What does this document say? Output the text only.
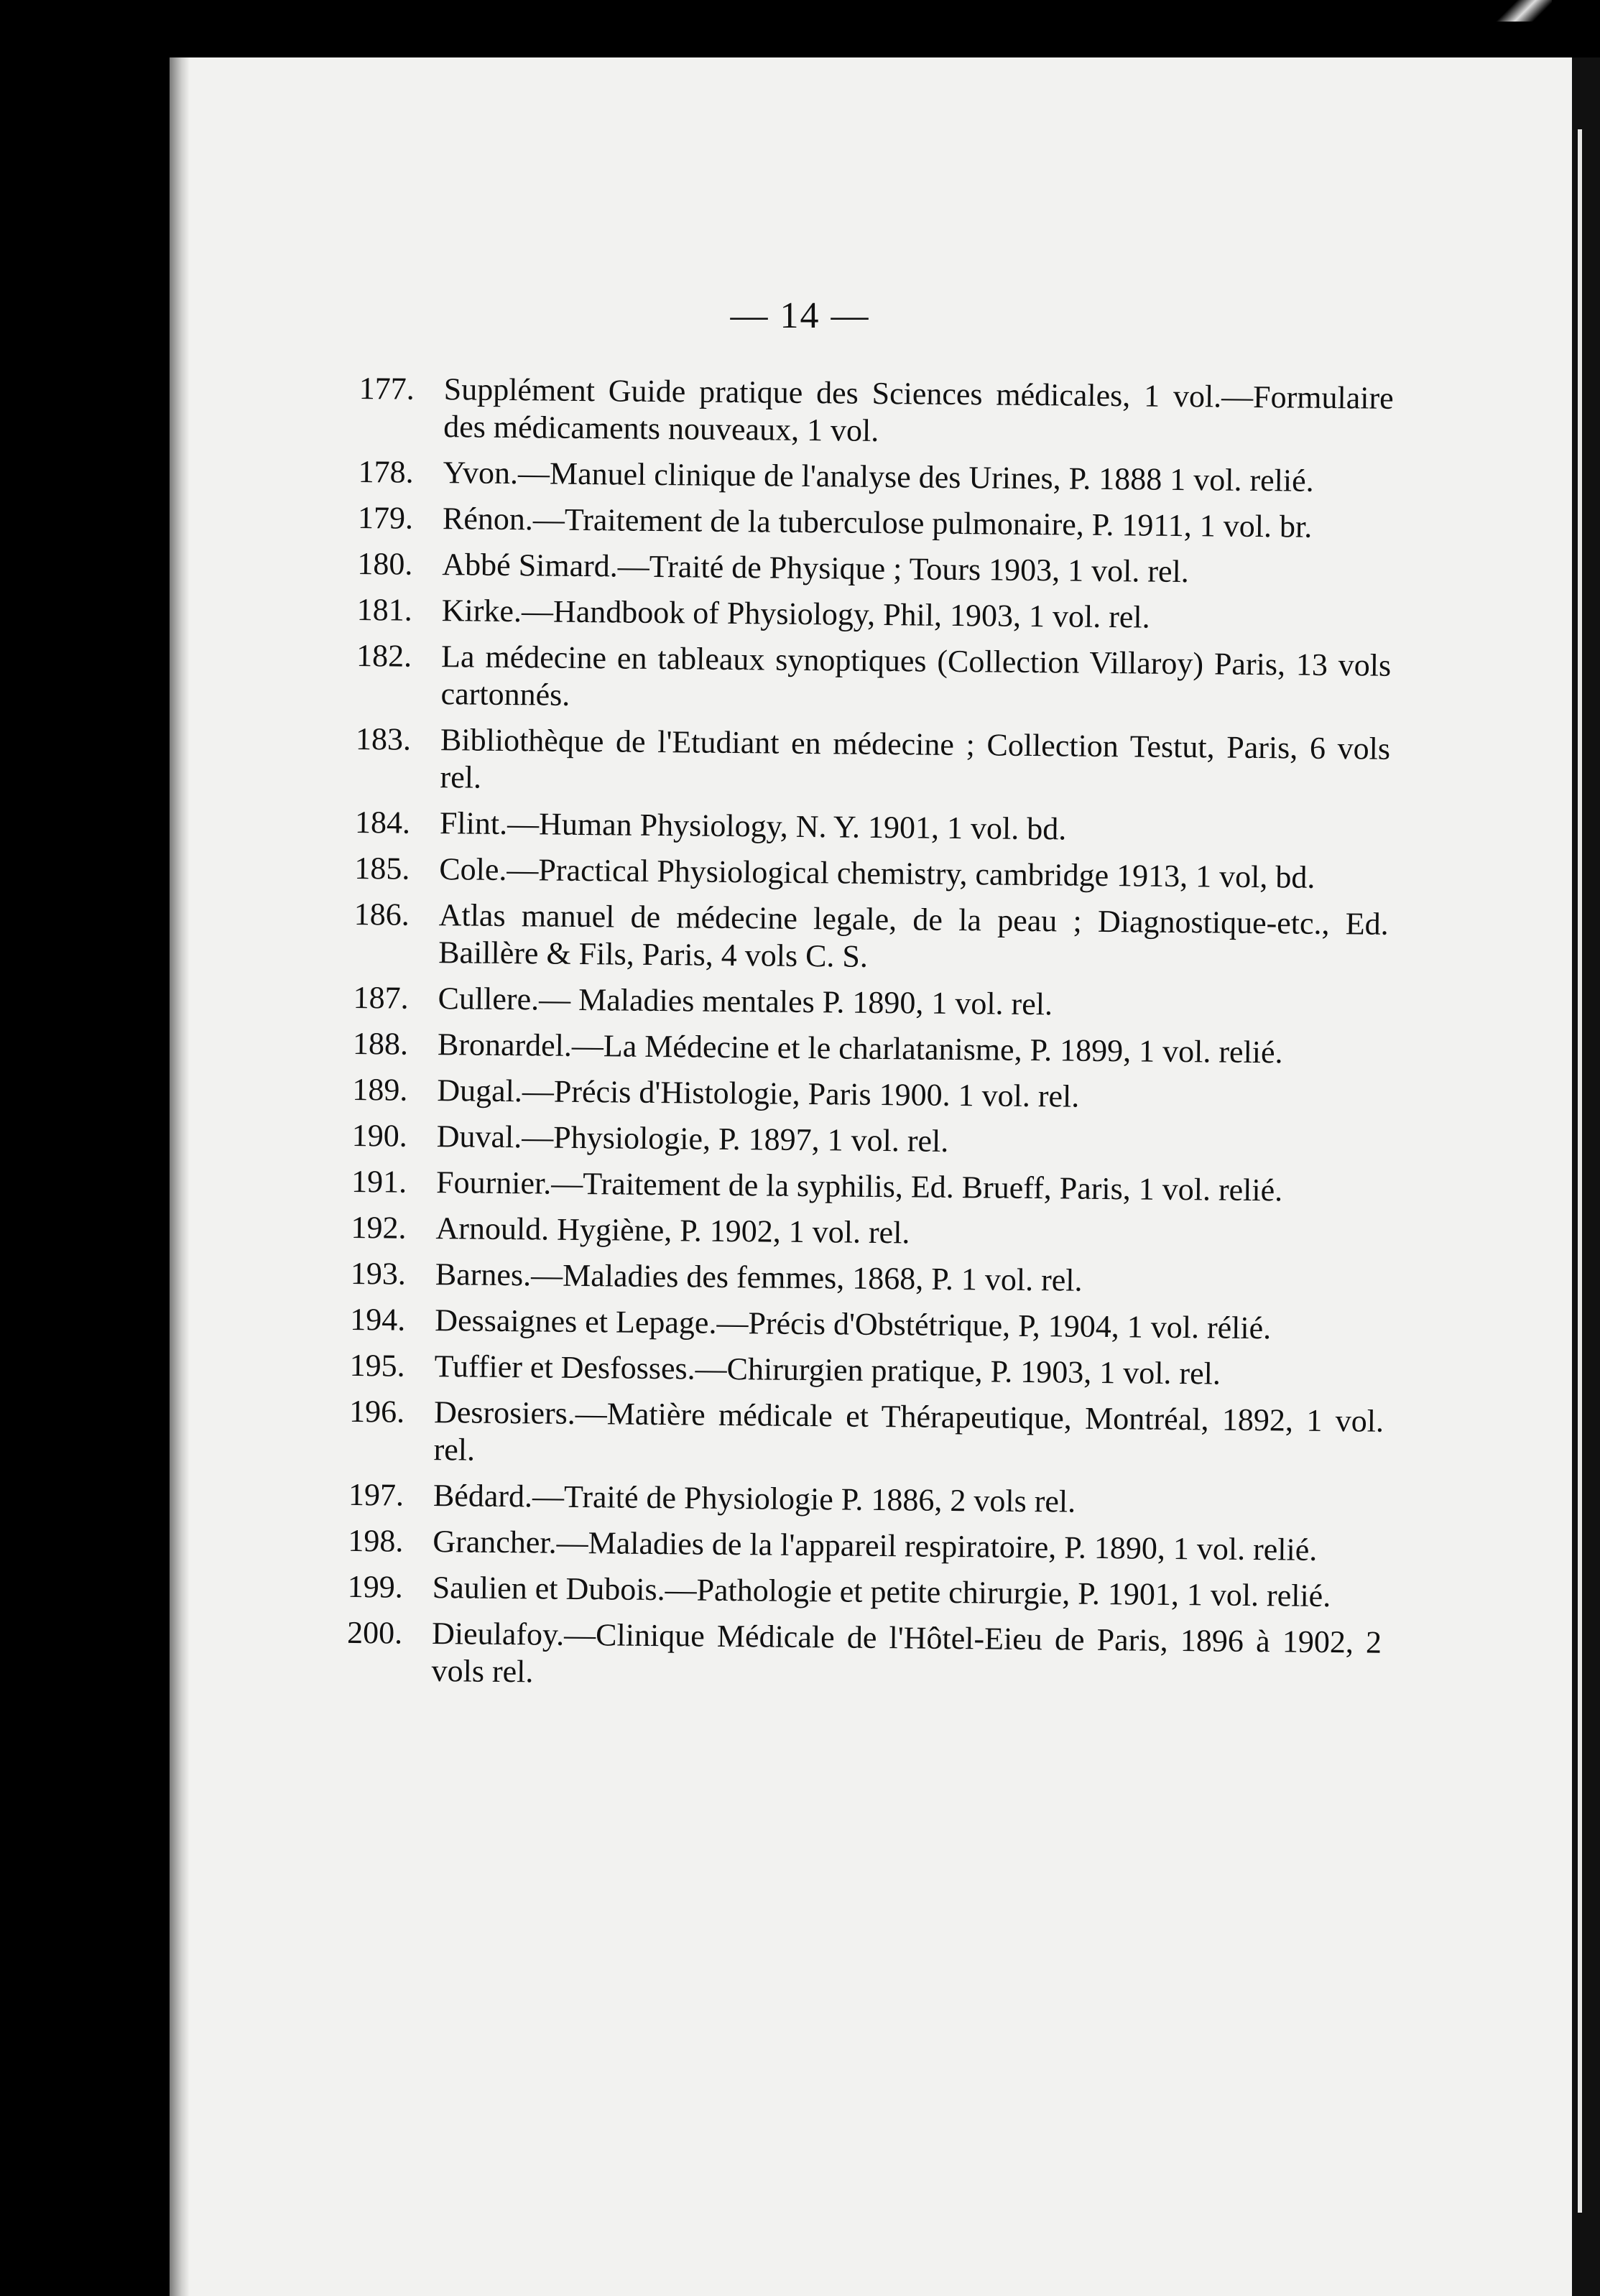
— 14 —
177. Supplément Guide pratique des Sciences médicales, 1 vol.—Formulaire des médicaments nouveaux, 1 vol.
178. Yvon.—Manuel clinique de l'analyse des Urines, P. 1888 1 vol. relié.
179. Rénon.—Traitement de la tuberculose pulmonaire, P. 1911, 1 vol. br.
180. Abbé Simard.—Traité de Physique ; Tours 1903, 1 vol. rel.
181. Kirke.—Handbook of Physiology, Phil, 1903, 1 vol. rel.
182. La médecine en tableaux synoptiques (Collection Villaroy) Paris, 13 vols cartonnés.
183. Bibliothèque de l'Etudiant en médecine ; Collection Testut, Paris, 6 vols rel.
184. Flint.—Human Physiology, N. Y. 1901, 1 vol. bd.
185. Cole.—Practical Physiological chemistry, cambridge 1913, 1 vol, bd.
186. Atlas manuel de médecine legale, de la peau ; Diagnostique-etc., Ed. Baillère & Fils, Paris, 4 vols C. S.
187. Cullere.— Maladies mentales P. 1890, 1 vol. rel.
188. Bronardel.—La Médecine et le charlatanisme, P. 1899, 1 vol. relié.
189. Dugal.—Précis d'Histologie, Paris 1900. 1 vol. rel.
190. Duval.—Physiologie, P. 1897, 1 vol. rel.
191. Fournier.—Traitement de la syphilis, Ed. Brueff, Paris, 1 vol. relié.
192. Arnould. Hygiène, P. 1902, 1 vol. rel.
193. Barnes.—Maladies des femmes, 1868, P. 1 vol. rel.
194. Dessaignes et Lepage.—Précis d'Obstétrique, P, 1904, 1 vol. rélié.
195. Tuffier et Desfosses.—Chirurgien pratique, P. 1903, 1 vol. rel.
196. Desrosiers.—Matière médicale et Thérapeutique, Montréal, 1892, 1 vol. rel.
197. Bédard.—Traité de Physiologie P. 1886, 2 vols rel.
198. Grancher.—Maladies de la l'appareil respiratoire, P. 1890, 1 vol. relié.
199. Saulien et Dubois.—Pathologie et petite chirurgie, P. 1901, 1 vol. relié.
200. Dieulafoy.—Clinique Médicale de l'Hôtel-Eieu de Paris, 1896 à 1902, 2 vols rel.
